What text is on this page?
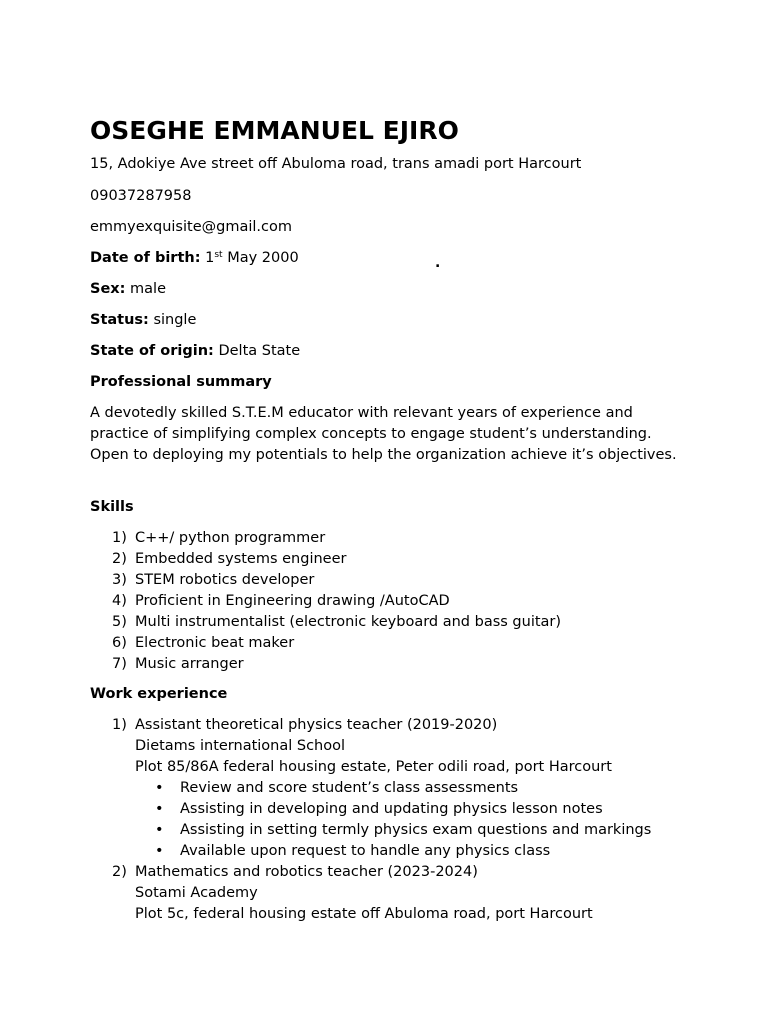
OSEGHE EMMANUEL EJIRO

15, Adokiye Ave street off Abuloma road, trans amadi port Harcourt

09037287958

emmyexquisite@gmail.com

Date of birth: 1st May 2000	.

Sex: male

Status: single

State of origin: Delta State

Professional summary

A devotedly skilled S.T.E.M educator with relevant years of experience and practice of simplifying complex concepts to engage student’s understanding. Open to deploying my potentials to help the organization achieve it’s objectives.

Skills

1) C++/ python programmer
2) Embedded systems engineer
3) STEM robotics developer
4) Proficient in Engineering drawing /AutoCAD
5) Multi instrumentalist (electronic keyboard and bass guitar)
6) Electronic beat maker
7) Music arranger

Work experience

1) Assistant theoretical physics teacher (2019-2020)
Dietams international School
Plot 85/86A federal housing estate, Peter odili road, port Harcourt
• Review and score student’s class assessments
• Assisting in developing and updating physics lesson notes
• Assisting in setting termly physics exam questions and markings
• Available upon request to handle any physics class
2) Mathematics and robotics teacher (2023-2024)
Sotami Academy
Plot 5c, federal housing estate off Abuloma road, port Harcourt
